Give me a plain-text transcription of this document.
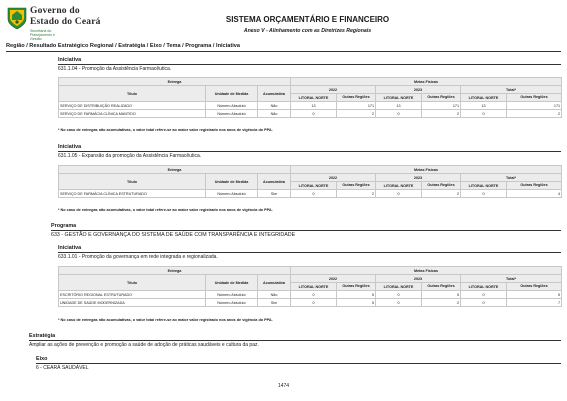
Governo do
Estado do Ceará
Secretaria do Planejamento e Gestão
SISTEMA ORÇAMENTÁRIO E FINANCEIRO
Anexo V - Alinhamento com as Diretrizes Regionais
Região / Resultado Estratégico Regional / Estratégia / Eixo / Tema / Programa / Iniciativa
Iniciativa
631.1.04 - Promoção da Assistência Farmacêutica.
Entrega			Metas Físicas					
Título	Unidade de Medida	Acumulativa	2022		2023		Total*	
			LITORAL NORTE	Outras Regiões	LITORAL NORTE	Outras Regiões	LITORAL NORTE	Outras Regiões
SERVIÇO DE DISTRIBUIÇÃO REALIZADO	Número Absoluto	Não	13	171	13	171	13	171
SERVIÇO DE FARMÁCIA CLÍNICA MANTIDO	Número Absoluto	Não	0	2	0	2	0	2
* No caso de entregas não acumulativas, o valor total refere-se ao maior valor registrado nos anos de vigência do PPA.
Iniciativa
631.1.05 - Expansão da promoção da Assistência Farmacêutica.
Entrega			Metas Físicas					
Título	Unidade de Medida	Acumulativa	2022		2023		Total*	
			LITORAL NORTE	Outras Regiões	LITORAL NORTE	Outras Regiões	LITORAL NORTE	Outras Regiões
SERVIÇO DE FARMÁCIA CLÍNICA ESTRUTURADO	Número Absoluto	Sim	0	2	0	2	0	4
* No caso de entregas não acumulativas, o valor total refere-se ao maior valor registrado nos anos de vigência do PPA.
Programa
633 - GESTÃO E GOVERNANÇA DO SISTEMA DE SAÚDE COM TRANSPARÊNCIA E INTEGRIDADE
Iniciativa
633.1.01 - Promoção da governança em rede integrada e regionalizada.
Entrega			Metas Físicas					
Título	Unidade de Medida	Acumulativa	2022		2023		Total*	
			LITORAL NORTE	Outras Regiões	LITORAL NORTE	Outras Regiões	LITORAL NORTE	Outras Regiões
ESCRITÓRIO REGIONAL ESTRUTURADO	Número Absoluto	Não	0	5	0	5	0	5
UNIDADE DE SAÚDE MODERNIZADA	Número Absoluto	Sim	0	5	0	2	0	7
* No caso de entregas não acumulativas, o valor total refere-se ao maior valor registrado nos anos de vigência do PPA.
Estratégia
Ampliar as ações de prevenção e promoção a saúde de adoção de práticas saudáveis e cultura da paz.
Eixo
6 - CEARÁ SAUDÁVEL
1474
